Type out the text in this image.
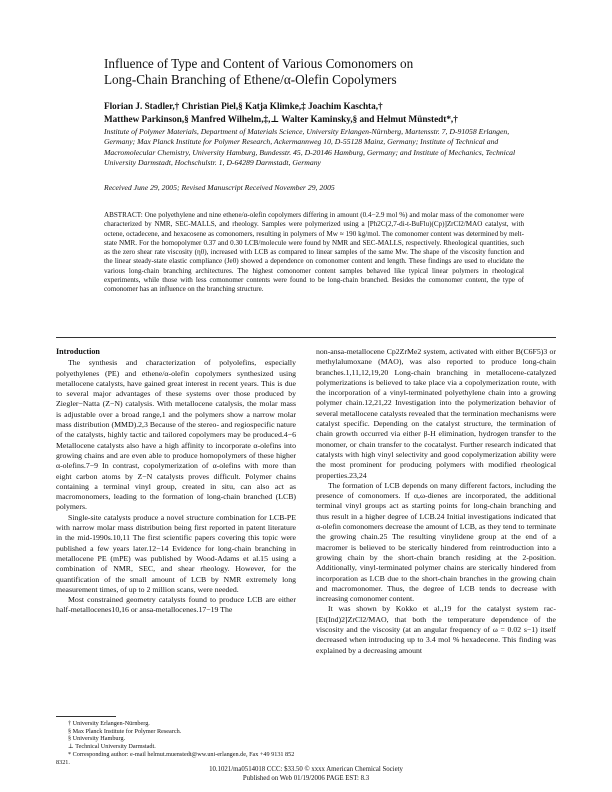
Influence of Type and Content of Various Comonomers on
Long-Chain Branching of Ethene/α-Olefin Copolymers
Florian J. Stadler,† Christian Piel,§ Katja Klimke,‡ Joachim Kaschta,†
Matthew Parkinson,§ Manfred Wilhelm,‡,⊥ Walter Kaminsky,§ and Helmut Münstedt*,†
Institute of Polymer Materials, Department of Materials Science, University Erlangen-Nürnberg, Martensstr. 7, D-91058 Erlangen, Germany; Max Planck Institute for Polymer Research, Ackermannweg 10, D-55128 Mainz, Germany; Institute of Technical and Macromolecular Chemistry, University Hamburg, Bundesstr. 45, D-20146 Hamburg, Germany; and Institute of Mechanics, Technical University Darmstadt, Hochschulstr. 1, D-64289 Darmstadt, Germany
Received June 29, 2005; Revised Manuscript Received November 29, 2005
ABSTRACT: One polyethylene and nine ethene/α-olefin copolymers differing in amount (0.4−2.9 mol %) and molar mass of the comonomer were characterized by NMR, SEC-MALLS, and rheology. Samples were polymerized using a [Ph2C(2,7-di-t-BuFlu)(Cp)]ZrCl2/MAO catalyst, with octene, octadecene, and hexacosene as comonomers, resulting in polymers of Mw ≈ 190 kg/mol. The comonomer content was determined by melt-state NMR. For the homopolymer 0.37 and 0.30 LCB/molecule were found by NMR and SEC-MALLS, respectively. Rheological quantities, such as the zero shear rate viscosity (η0), increased with LCB as compared to linear samples of the same Mw. The shape of the viscosity function and the linear steady-state elastic compliance (Je0) showed a dependence on comonomer content and length. These findings are used to elucidate the various long-chain branching architectures. The highest comonomer content samples behaved like typical linear polymers in rheological experiments, while those with less comonomer contents were found to be long-chain branched. Besides the comonomer content, the type of comonomer has an influence on the branching structure.
Introduction

The synthesis and characterization of polyolefins, especially polyethylenes (PE) and ethene/α-olefin copolymers synthesized using metallocene catalysts, have gained great interest in recent years. This is due to several major advantages of these systems over those produced by Ziegler−Natta (Z−N) catalysis. With metallocene catalysis, the molar mass is adjustable over a broad range,1 and the polymers show a narrow molar mass distribution (MMD).2,3 Because of the stereo- and regiospecific nature of the catalysts, highly tactic and tailored copolymers may be produced.4−6 Metallocene catalysts also have a high affinity to incorporate α-olefins into growing chains and are even able to produce homopolymers of these higher α-olefins.7−9 In contrast, copolymerization of α-olefins with more than eight carbon atoms by Z−N catalysts proves difficult. Polymer chains containing a terminal vinyl group, created in situ, can also act as macromonomers, leading to the formation of long-chain branched (LCB) polymers.

Single-site catalysts produce a novel structure combination for LCB-PE with narrow molar mass distribution being first reported in patent literature in the mid-1990s.10,11 The first scientific papers covering this topic were published a few years later.12−14 Evidence for long-chain branching in metallocene PE (mPE) was published by Wood-Adams et al.15 using a combination of NMR, SEC, and shear rheology. However, for the quantification of the small amount of LCB by NMR extremely long measurement times, of up to 2 million scans, were needed.

Most constrained geometry catalysts found to produce LCB are either half-metallocenes10,16 or ansa-metallocenes.17−19 The

non-ansa-metallocene Cp2ZrMe2 system, activated with either B(C6F5)3 or methylalumoxane (MAO), was also reported to produce long-chain branches.1,11,12,19,20 Long-chain branching in metallocene-catalyzed polymerizations is believed to take place via a copolymerization route, with the incorporation of a vinyl-terminated polyethylene chain into a growing polymer chain.12,21,22 Investigation into the polymerization behavior of several metallocene catalysts revealed that the termination mechanisms were catalyst specific. Depending on the catalyst structure, the termination of chain growth occurred via either β-H elimination, hydrogen transfer to the monomer, or chain transfer to the cocatalyst. Further research indicated that catalysts with high vinyl selectivity and good copolymerization ability were the most prominent for producing polymers with modified rheological properties.23,24

The formation of LCB depends on many different factors, including the presence of comonomers. If α,ω-dienes are incorporated, the additional terminal vinyl groups act as starting points for long-chain branching and thus result in a higher degree of LCB.24 Initial investigations indicated that α-olefin comonomers decrease the amount of LCB, as they tend to terminate the growing chain.25 The resulting vinylidene group at the end of a macromer is believed to be sterically hindered from reintroduction into a growing chain by the short-chain branch residing at the 2-position. Additionally, vinyl-terminated polymer chains are sterically hindered from incorporation as LCB due to the short-chain branches in the growing chain and macromonomer. Thus, the degree of LCB tends to decrease with increasing comonomer content.

It was shown by Kokko et al.,19 for the catalyst system rac-[Et(Ind)2]ZrCl2/MAO, that both the temperature dependence of the viscosity and the viscosity (at an angular frequency of ω = 0.02 s−1) itself decreased when introducing up to 3.4 mol % hexadecene. This finding was explained by a decreasing amount

† University Erlangen-Nürnberg.
§ Max Planck Institute for Polymer Research.
§ University Hamburg.
⊥ Technical University Darmstadt.
* Corresponding author: e-mail helmut.muenstedt@ww.uni-erlangen.de, Fax +49 9131 852 8321.
10.1021/ma0514018 CCC: $33.50 © xxxx American Chemical Society
Published on Web 01/19/2006 PAGE EST: 8.3
